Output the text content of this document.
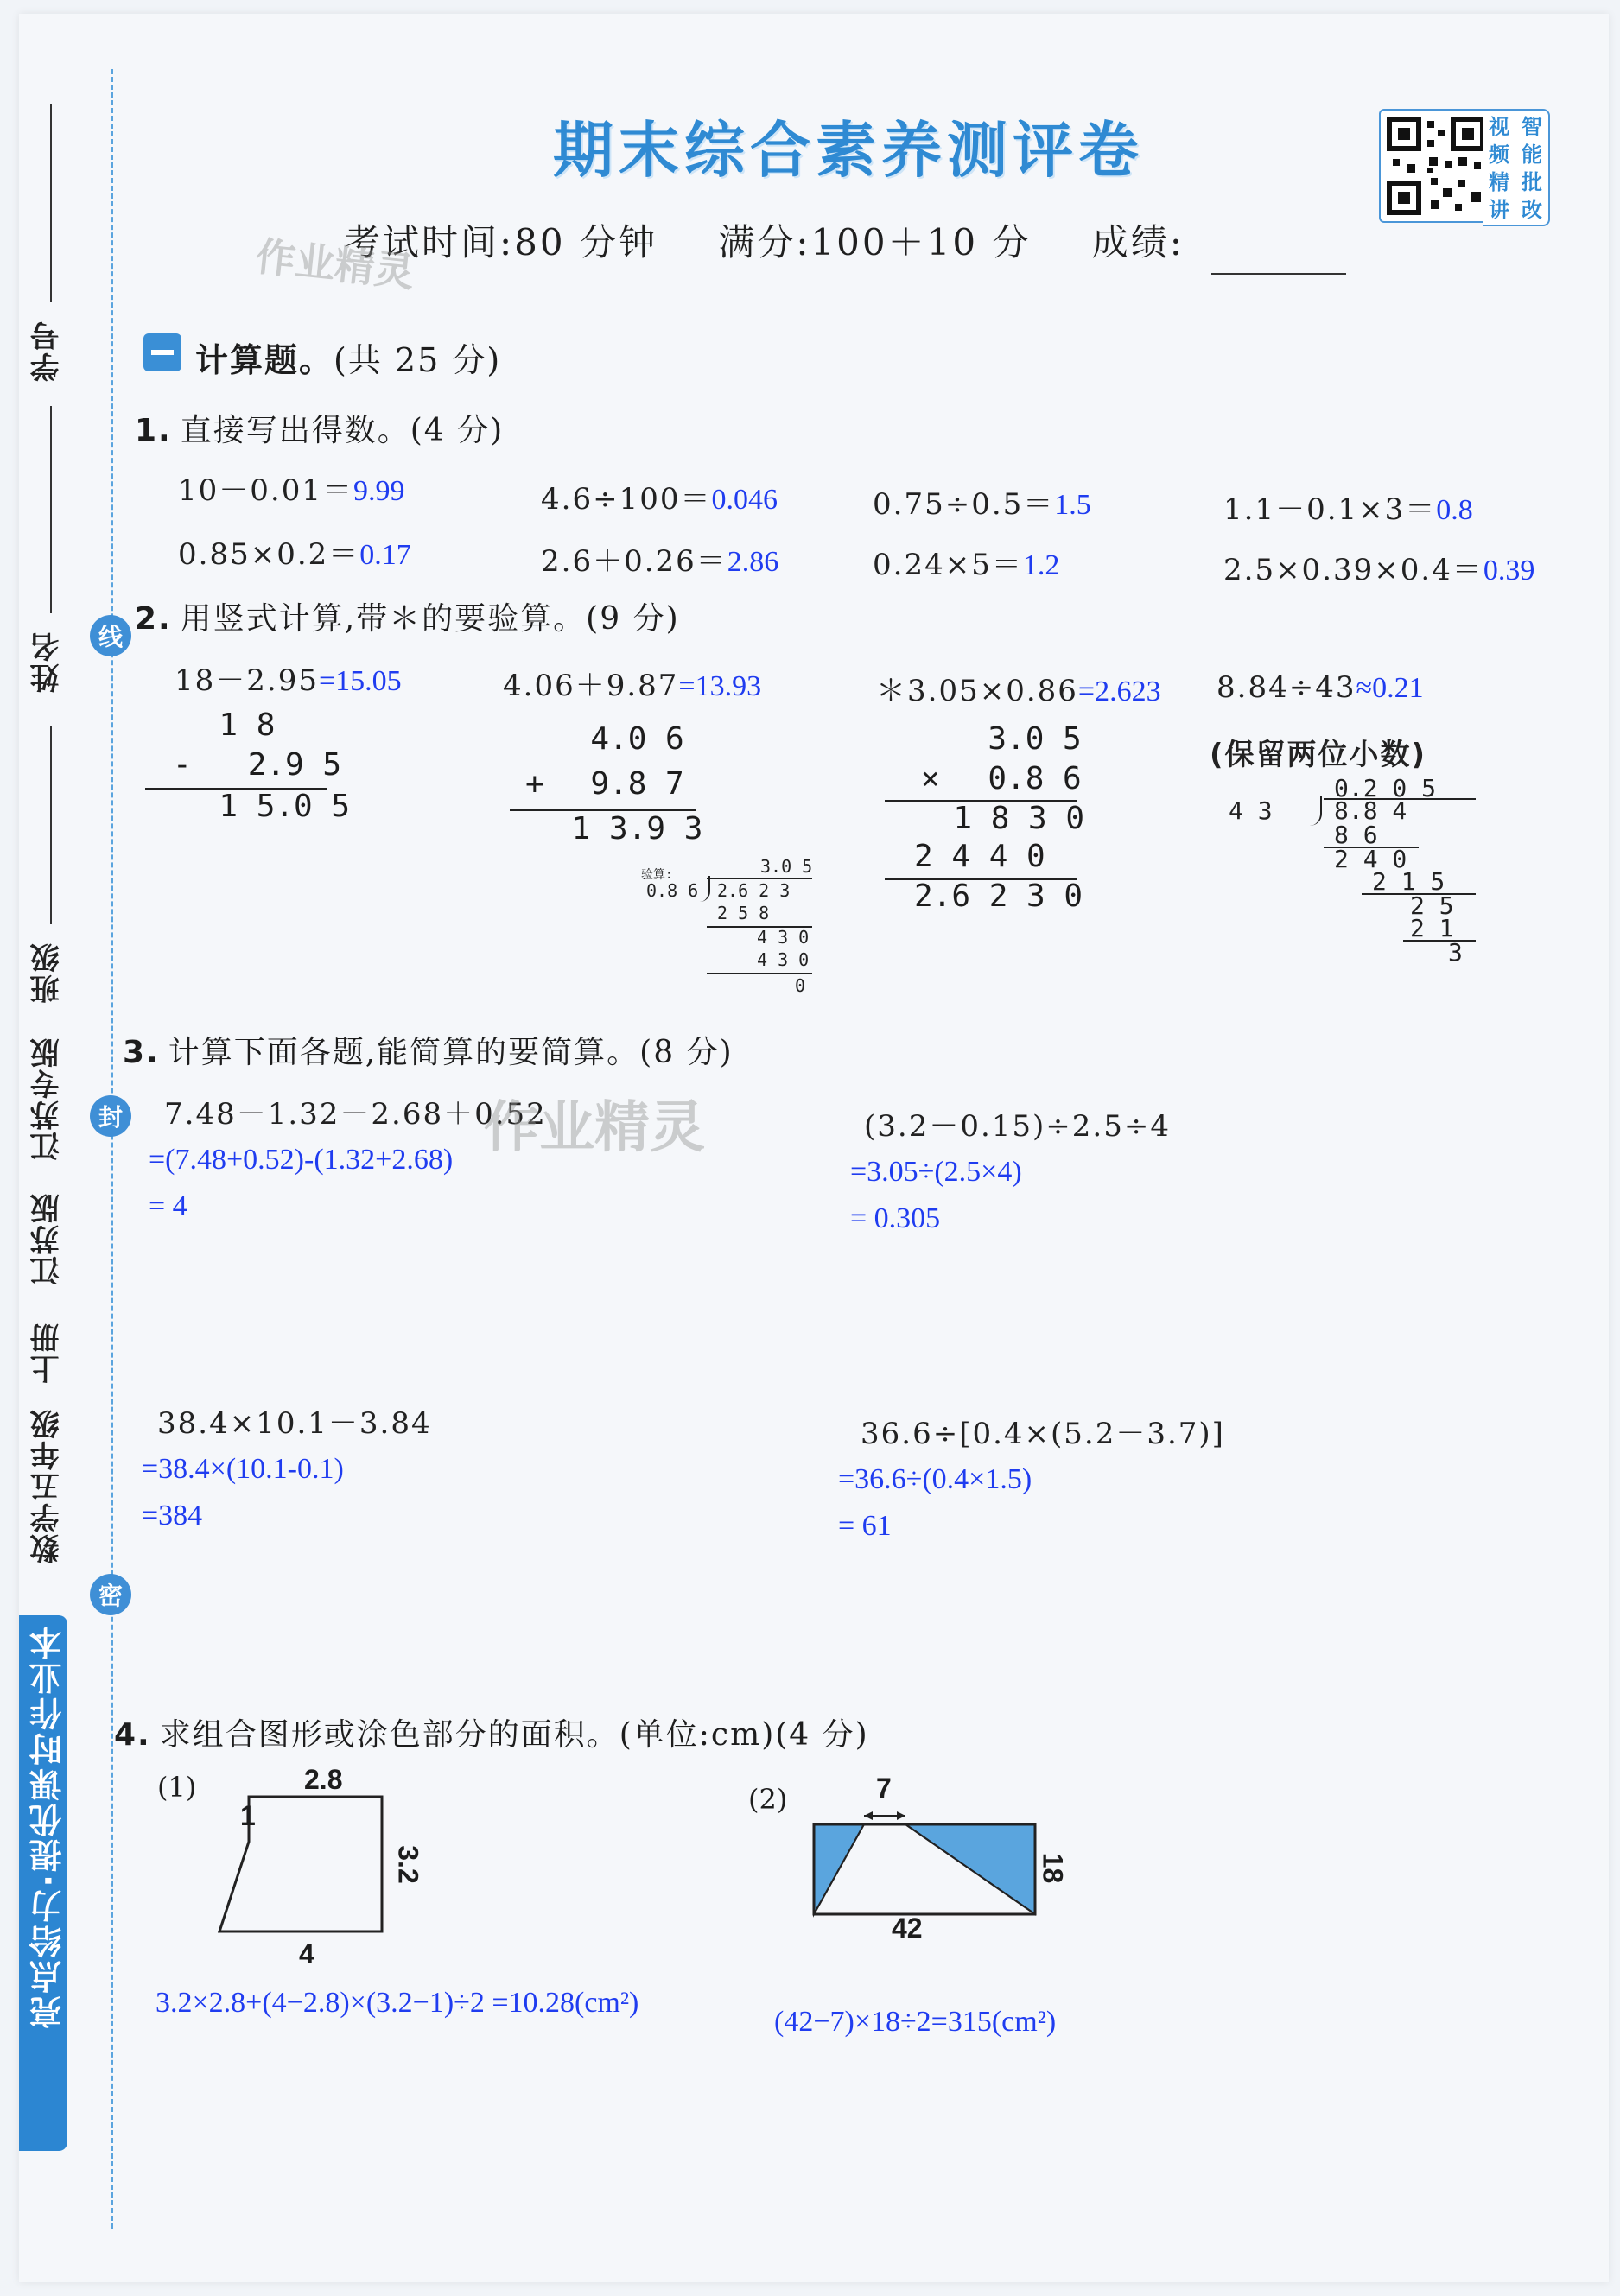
学号
姓名
班级
江苏专版
江苏版
上册
数学五年级
线
封
密
亮点给力·提优课时作业本
期末综合素养测评卷	视 智
频 能
精 批
讲 改
考试时间:80 分钟 满分:100＋10 分 成绩:
作业精灵
计算题。(共 25 分)
1. 直接写出得数。(4 分)
10－0.01＝9.99	4.6÷100＝0.046	0.75÷0.5＝1.5	1.1－0.1×3＝0.8
0.85×0.2＝0.17	2.6＋0.26＝2.86	0.24×5＝1.2	2.5×0.39×0.4＝0.39
2. 用竖式计算,带＊的要验算。(9 分)
18－2.95=15.05	4.06＋9.87=13.93	＊3.05×0.86=2.623 8.84÷43≈0.21
(保留两位小数)
1 8
-   2.9 5
1 5.0 5
4.0 6
+ 9.8 7
1 3.9 3
验算:	3.0 5
0.8 6 2.6 2 3
2 5 8
4 3 0
4 3 0
0
3.0 5
× 0.8 6
1 8 3 0
2 4 4 0
2.6 2 3 0
0.2 0 5
4 3	8.8 4
8 6
2 4 0
2 1 5
2 5
2 1
3
3. 计算下面各题,能简算的要简算。(8 分)
7.48－1.32－2.68＋0.52
=(7.48+0.52)-(1.32+2.68)
= 4
作业精灵	(3.2－0.15)÷2.5÷4
=3.05÷(2.5×4)
= 0.305
38.4×10.1－3.84
=38.4×(10.1-0.1)
=384
36.6÷[0.4×(5.2－3.7)]
=36.6÷(0.4×1.5)
= 61
4. 求组合图形或涂色部分的面积。(单位:cm)(4 分)
(1)	2.8
1
3.2
4
3.2×2.8+(4−2.8)×(3.2−1)÷2 =10.28(cm²)
(2)	7
18
42
(42−7)×18÷2=315(cm²)
